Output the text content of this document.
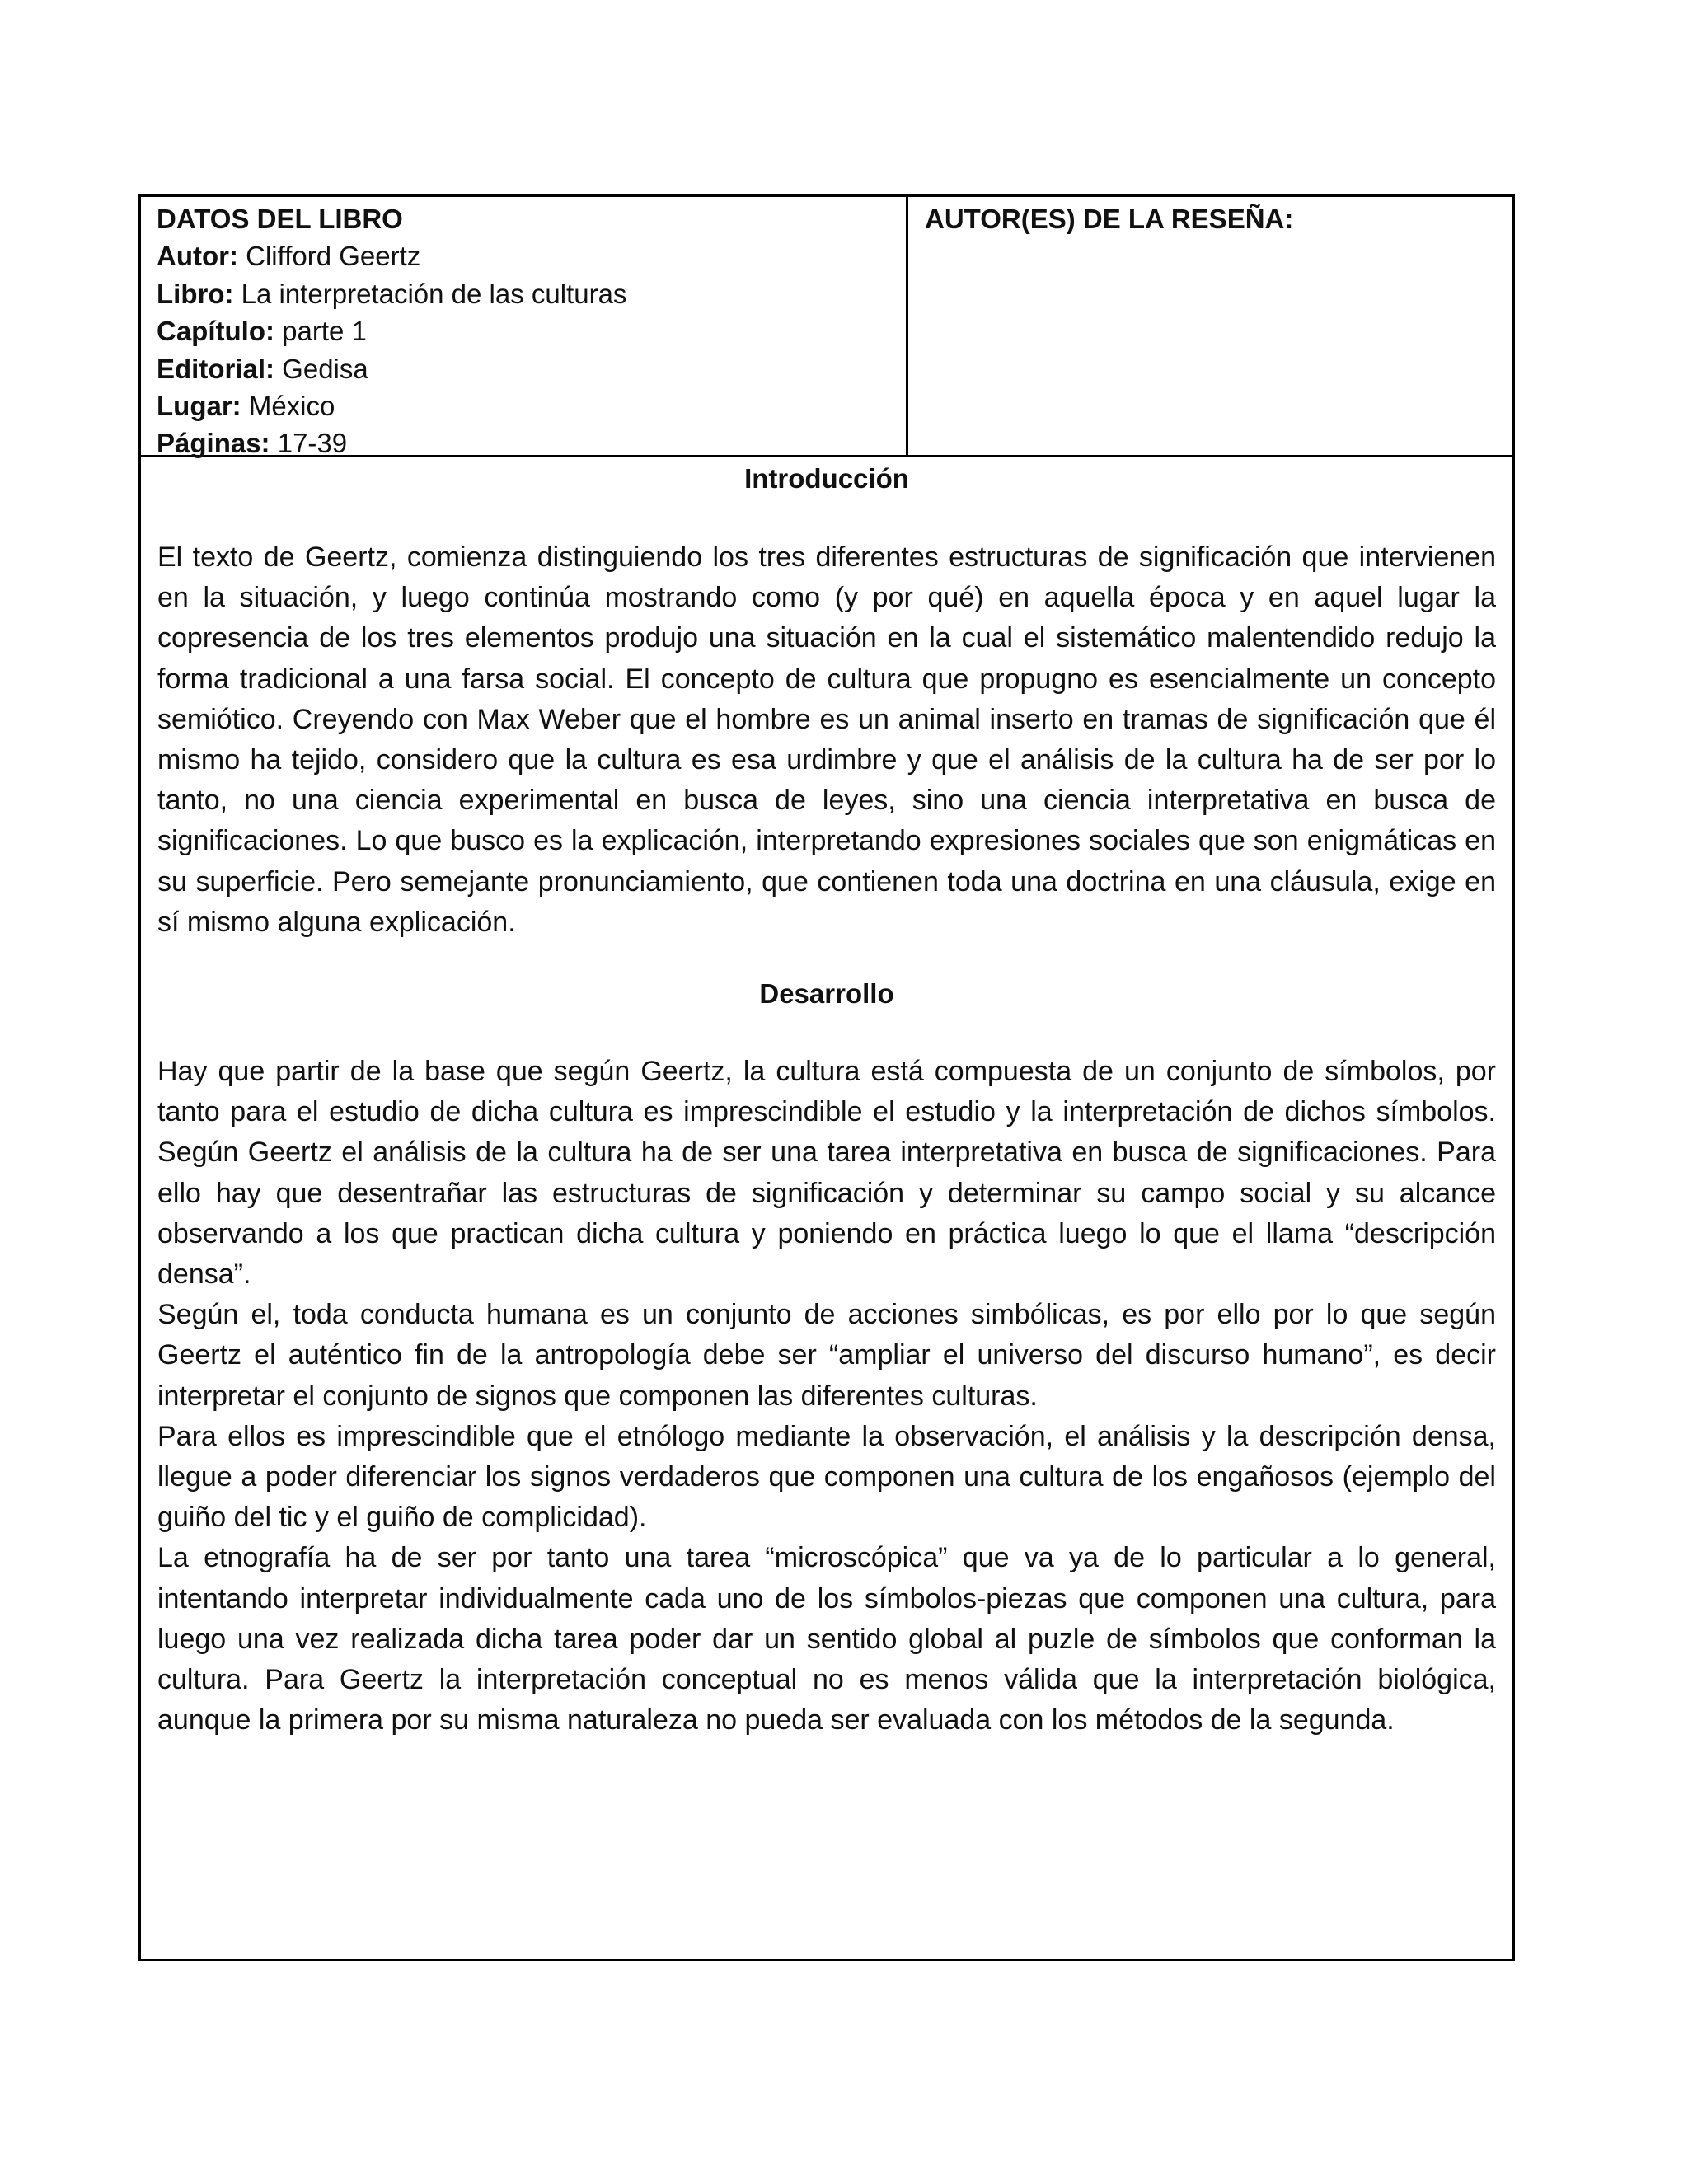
DATOS DEL LIBRO
Autor: Clifford Geertz
Libro: La interpretación de las culturas
Capítulo: parte 1
Editorial: Gedisa
Lugar: México
Páginas: 17-39
AUTOR(ES) DE LA RESEÑA:
Introducción

El texto de Geertz, comienza distinguiendo los tres diferentes estructuras de significación que intervienen en la situación, y luego continúa mostrando como (y por qué) en aquella época y en aquel lugar la copresencia de los tres elementos produjo una situación en la cual el sistemático malentendido redujo la forma tradicional a una farsa social. El concepto de cultura que propugno es esencialmente un concepto semiótico. Creyendo con Max Weber que el hombre es un animal inserto en tramas de significación que él mismo ha tejido, considero que la cultura es esa urdimbre y que el análisis de la cultura ha de ser por lo tanto, no una ciencia experimental en busca de leyes, sino una ciencia interpretativa en busca de significaciones. Lo que busco es la explicación, interpretando expresiones sociales que son enigmáticas en su superficie. Pero semejante pronunciamiento, que contienen toda una doctrina en una cláusula, exige en sí mismo alguna explicación.

Desarrollo

Hay que partir de la base que según Geertz, la cultura está compuesta de un conjunto de símbolos, por tanto para el estudio de dicha cultura es imprescindible el estudio y la interpretación de dichos símbolos. Según Geertz el análisis de la cultura ha de ser una tarea interpretativa en busca de significaciones. Para ello hay que desentrañar las estructuras de significación y determinar su campo social y su alcance observando a los que practican dicha cultura y poniendo en práctica luego lo que el llama “descripción densa”.

Según el, toda conducta humana es un conjunto de acciones simbólicas, es por ello por lo que según Geertz el auténtico fin de la antropología debe ser “ampliar el universo del discurso humano”, es decir interpretar el conjunto de signos que componen las diferentes culturas.

Para ellos es imprescindible que el etnólogo mediante la observación, el análisis y la descripción densa, llegue a poder diferenciar los signos verdaderos que componen una cultura de los engañosos (ejemplo del guiño del tic y el guiño de complicidad).

La etnografía ha de ser por tanto una tarea “microscópica” que va ya de lo particular a lo general, intentando interpretar individualmente cada uno de los símbolos-piezas que componen una cultura, para luego una vez realizada dicha tarea poder dar un sentido global al puzle de símbolos que conforman la cultura. Para Geertz la interpretación conceptual no es menos válida que la interpretación biológica, aunque la primera por su misma naturaleza no pueda ser evaluada con los métodos de la segunda.
